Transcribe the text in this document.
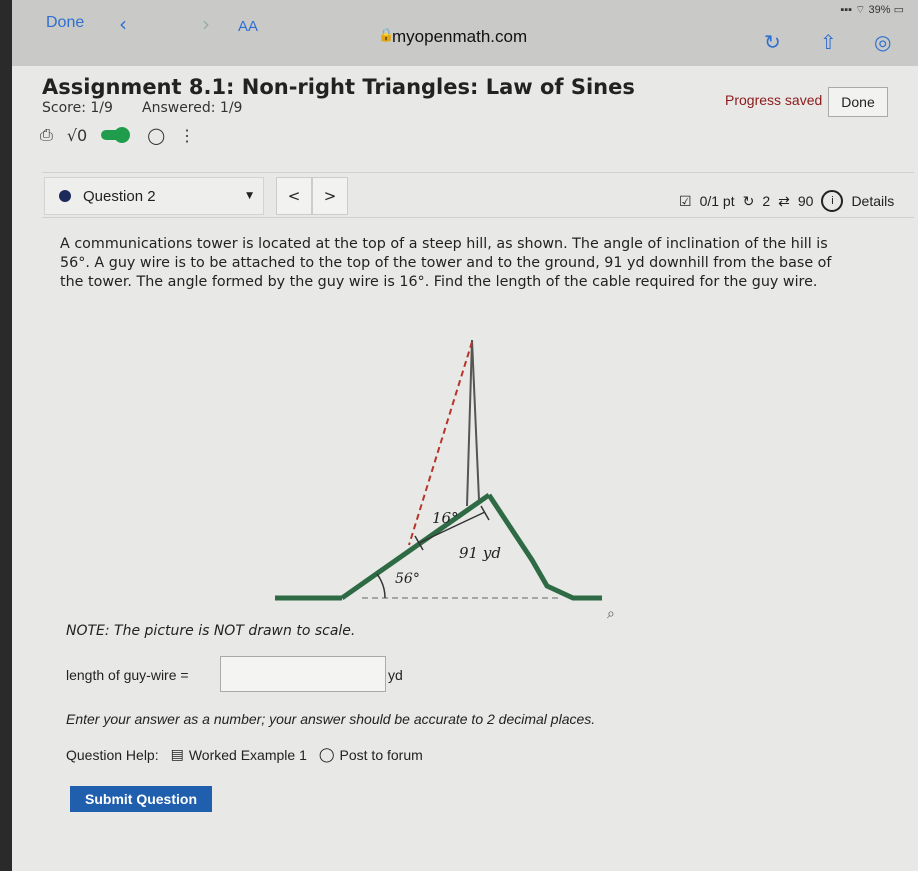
▪▪▪ ⌔ 39% ▭
Done ‹	› AA
🔒
myopenmath.com	↻ ⇧ ◎
Assignment 8.1: Non-right Triangles: Law of Sines
Score: 1/9 Answered: 1/9	Progress saved	Done
⎙ √0	◯ ⋮
Question 2	▼	<	>	☑ 0/1 pt ↻ 2 ⇄ 90	i	Details
A communications tower is located at the top of a steep hill, as shown. The angle of inclination of the hill is 56°. A guy wire is to be attached to the top of the tower and to the ground, 91 yd downhill from the base of the tower. The angle formed by the guy wire is 16°. Find the length of the cable required for the guy wire.
16°
91 yd
56°
⌕
NOTE: The picture is NOT drawn to scale.
length of guy-wire =	yd
Enter your answer as a number; your answer should be accurate to 2 decimal places.
Question Help: ▤ Worked Example 1 ◯ Post to forum
Submit Question
